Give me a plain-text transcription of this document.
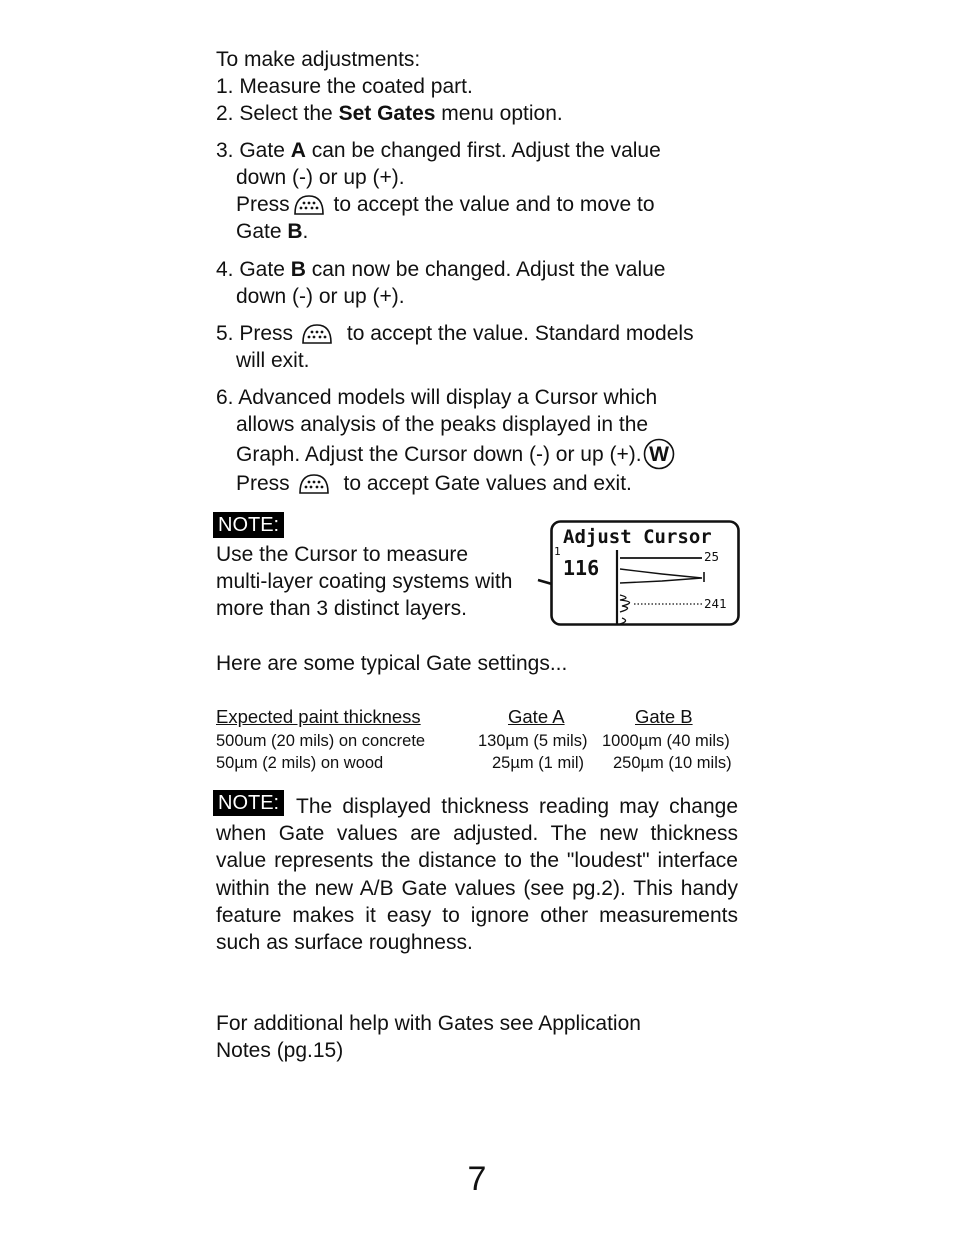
To make adjustments:

1. Measure the coated part.

2. Select the Set Gates menu option.

3. Gate A can be changed first. Adjust the value
down (-) or up (+).
Press to accept the value and to move to
Gate B.
4. Gate B can now be changed. Adjust the value
down (-) or up (+).
5. Press to accept the value. Standard models
will exit.
6. Advanced models will display a Cursor which
allows analysis of the peaks displayed in the
Graph. Adjust the Cursor down (-) or up (+). W
Press to accept Gate values and exit.
NOTE:
Use the Cursor to measure
multi-layer coating systems with
more than 3 distinct layers.
Adjust Cursor
1
116	25
241

Here are some typical Gate settings...

Expected paint thickness	Gate A	Gate B
500um (20 mils) on concrete	130µm (5 mils) 1000µm (40 mils)
50µm (2 mils) on wood	25µm (1 mil) 250µm (10 mils)
NOTE: The displayed thickness reading may change when Gate values are adjusted. The new thickness value represents the distance to the "loudest" interface within the new A/B Gate values (see pg.2). This handy feature makes it easy to ignore other measurements such as surface roughness.

For additional help with Gates see Application
Notes (pg.15)
7
